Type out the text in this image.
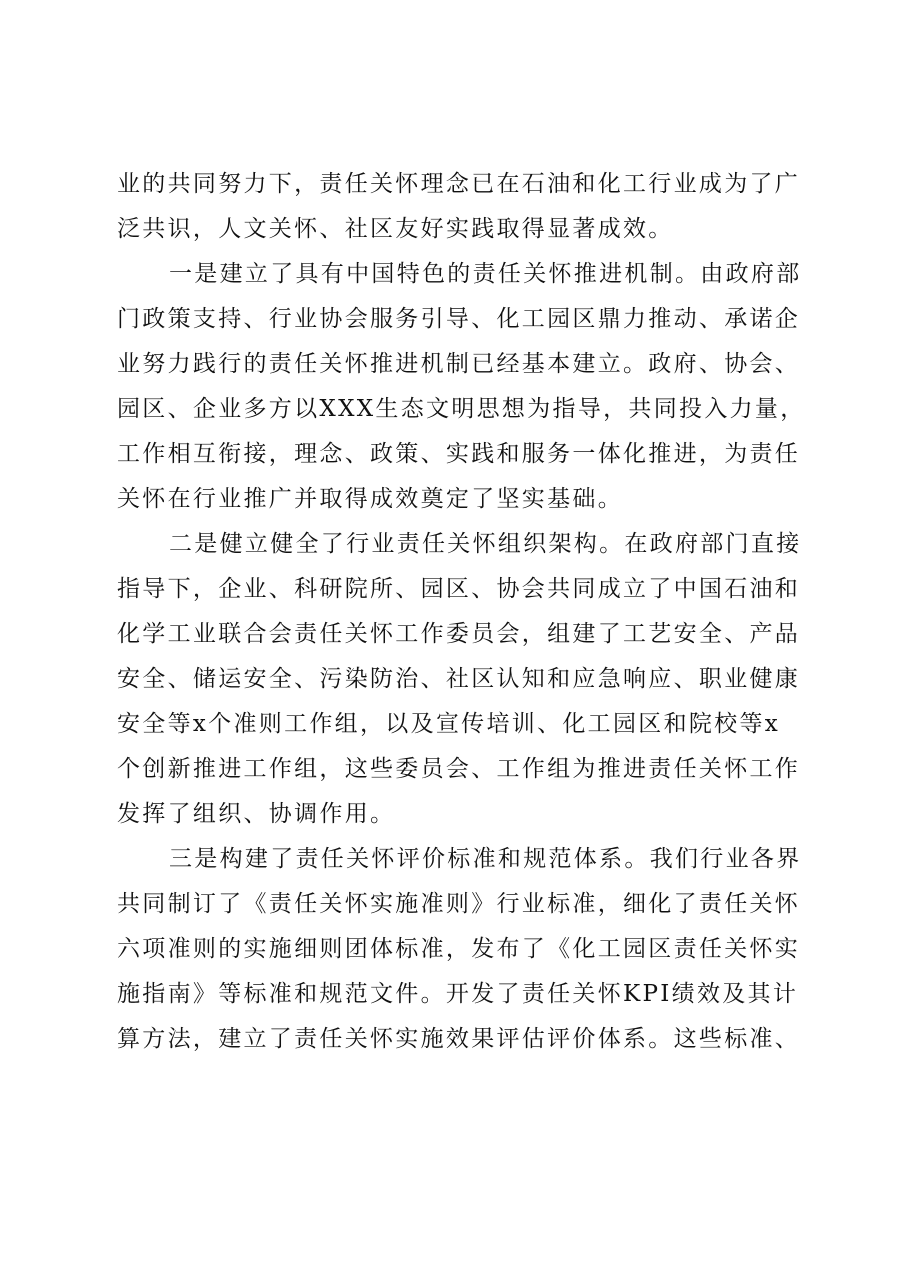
业的共同努力下，责任关怀理念已在石油和化工行业成为了广
泛共识，人文关怀、社区友好实践取得显著成效。
一是建立了具有中国特色的责任关怀推进机制。由政府部
门政策支持、行业协会服务引导、化工园区鼎力推动、承诺企
业努力践行的责任关怀推进机制已经基本建立。政府、协会、
园区、企业多方以XXX生态文明思想为指导，共同投入力量，
工作相互衔接，理念、政策、实践和服务一体化推进，为责任
关怀在行业推广并取得成效奠定了坚实基础。
二是健立健全了行业责任关怀组织架构。在政府部门直接
指导下，企业、科研院所、园区、协会共同成立了中国石油和
化学工业联合会责任关怀工作委员会，组建了工艺安全、产品
安全、储运安全、污染防治、社区认知和应急响应、职业健康
安全等x个准则工作组，以及宣传培训、化工园区和院校等x
个创新推进工作组，这些委员会、工作组为推进责任关怀工作
发挥了组织、协调作用。
三是构建了责任关怀评价标准和规范体系。我们行业各界
共同制订了《责任关怀实施准则》行业标准，细化了责任关怀
六项准则的实施细则团体标准，发布了《化工园区责任关怀实
施指南》等标准和规范文件。开发了责任关怀KPI绩效及其计
算方法，建立了责任关怀实施效果评估评价体系。这些标准、
